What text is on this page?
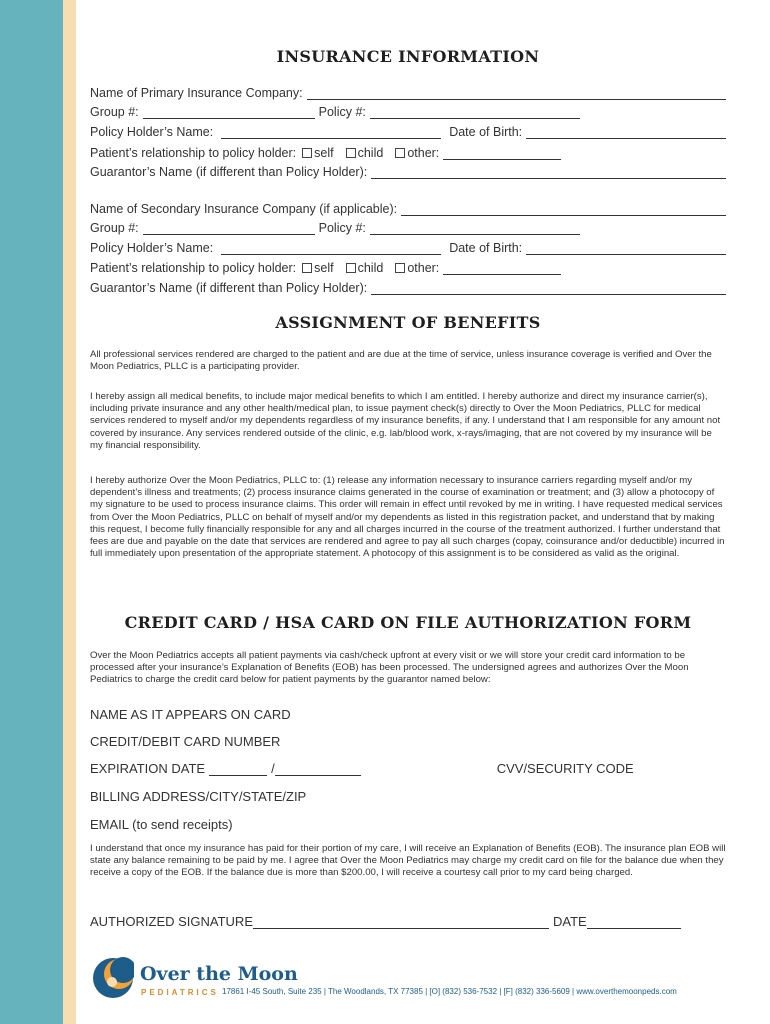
INSURANCE INFORMATION
Name of Primary Insurance Company:
Group #:	Policy #:
Policy Holder’s Name:	Date of Birth:
Patient’s relationship to policy holder: self child other:
Guarantor’s Name (if different than Policy Holder):
Name of Secondary Insurance Company (if applicable):
Group #:	Policy #:
Policy Holder’s Name:	Date of Birth:
Patient’s relationship to policy holder: self child other:
Guarantor’s Name (if different than Policy Holder):
ASSIGNMENT OF BENEFITS

All professional services rendered are charged to the patient and are due at the time of service, unless insurance coverage is verified and Over the Moon Pediatrics, PLLC is a participating provider.

I hereby assign all medical benefits, to include major medical benefits to which I am entitled. I hereby authorize and direct my insurance carrier(s), including private insurance and any other health/medical plan, to issue payment check(s) directly to Over the Moon Pediatrics, PLLC for medical services rendered to myself and/or my dependents regardless of my insurance benefits, if any. I understand that I am responsible for any amount not covered by insurance. Any services rendered outside of the clinic, e.g. lab/blood work, x-rays/imaging, that are not covered by my insurance will be my financial responsibility.

I hereby authorize Over the Moon Pediatrics, PLLC to: (1) release any information necessary to insurance carriers regarding myself and/or my dependent’s illness and treatments; (2) process insurance claims generated in the course of examination or treatment; and (3) allow a photocopy of my signature to be used to process insurance claims. This order will remain in effect until revoked by me in writing. I have requested medical services from Over the Moon Pediatrics, PLLC on behalf of myself and/or my dependents as listed in this registration packet, and understand that by making this request, I become fully financially responsible for any and all charges incurred in the course of the treatment authorized. I further understand that fees are due and payable on the date that services are rendered and agree to pay all such charges (copay, coinsurance and/or deductible) incurred in full immediately upon presentation of the appropriate statement. A photocopy of this assignment is to be considered as valid as the original.

CREDIT CARD / HSA CARD ON FILE AUTHORIZATION FORM

Over the Moon Pediatrics accepts all patient payments via cash/check upfront at every visit or we will store your credit card information to be processed after your insurance’s Explanation of Benefits (EOB) has been processed. The undersigned agrees and authorizes Over the Moon Pediatrics to charge the credit card below for patient payments by the guarantor named below:

NAME AS IT APPEARS ON CARD
CREDIT/DEBIT CARD NUMBER
EXPIRATION DATE	/	CVV/SECURITY CODE
BILLING ADDRESS/CITY/STATE/ZIP
EMAIL (to send receipts)

I understand that once my insurance has paid for their portion of my care, I will receive an Explanation of Benefits (EOB). The insurance plan EOB will state any balance remaining to be paid by me. I agree that Over the Moon Pediatrics may charge my credit card on file for the balance due when they receive a copy of the EOB. If the balance due is more than $200.00, I will receive a courtesy call prior to my card being charged.

AUTHORIZED SIGNATURE	DATE
Over the Moon
PEDIATRICS 17861 I-45 South, Suite 235 | The Woodlands, TX 77385 | [O] (832) 536-7532 | [F] (832) 336-5609 | www.overthemoonpeds.com
